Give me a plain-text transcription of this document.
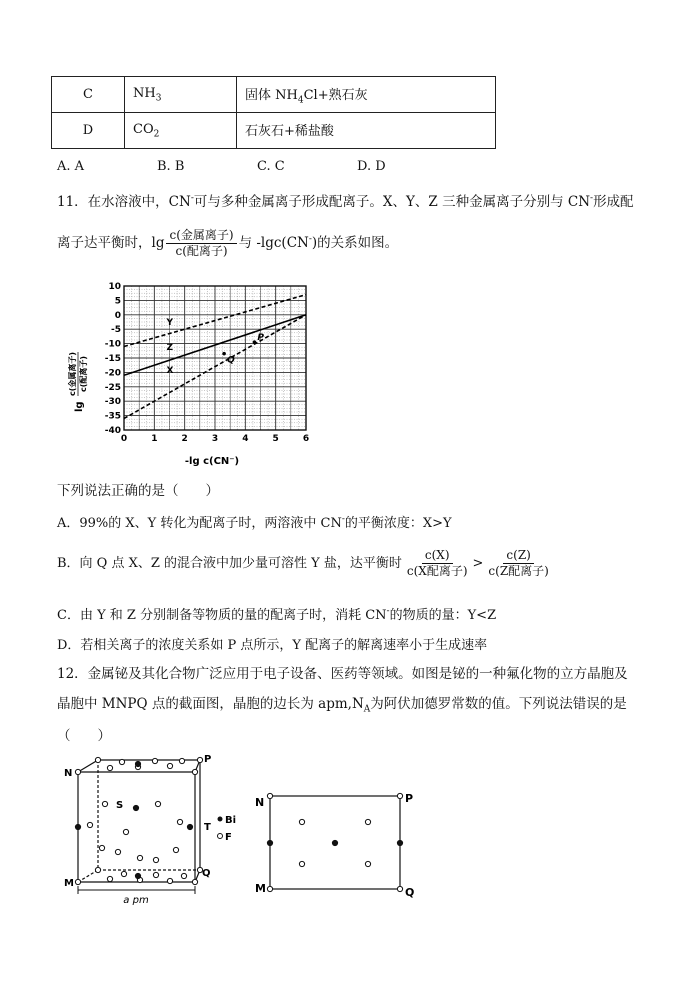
C	$NH_3$	固体 $NH_4Cl+$熟石灰
D	$CO_2$	石灰石+稀盐酸
A. A	B. B	C. C	D. D
11．在水溶液中，CN-可与多种金属离子形成配离子。X、Y、Z 三种金属离子分别与 CN-形成配
离子达平衡时，$\lg \frac{\text{c(金属离子)}}{\text{c(配离子)}}$ 与 -lgc(CN-)的关系如图。
Y
Z
X
P
Q
0	1	2	3	4	5	6
10
5
0
-5
-10
-15
-20
-25
-30
-35
-40
-lg c(CN⁻)
lg
c(金属离子) c(配离子)
下列说法正确的是（　　）
A．99%的 X、Y 转化为配离子时，两溶液中 CN-的平衡浓度：X>Y
B．向 Q 点 X、Z 的混合液中加少量可溶性 Y 盐，达平衡时 $\frac{c(X)}{\text{c(X配离子)}} > \frac{c(Z)}{\text{c(Z配离子)}}$
C．由 Y 和 Z 分别制备等物质的量的配离子时，消耗 CN-的物质的量：Y<Z
D．若相关离子的浓度关系如 P 点所示，Y 配离子的解离速率小于生成速率
12．金属铋及其化合物广泛应用于电子设备、医药等领域。如图是铋的一种氟化物的立方晶胞及
晶胞中 MNPQ 点的截面图，晶胞的边长为 $apm,N_A$为阿伏加德罗常数的值。下列说法错误的是
（　　）
a pm
N
P
M
Q
S
T
Bi
F
N	P
M	Q
